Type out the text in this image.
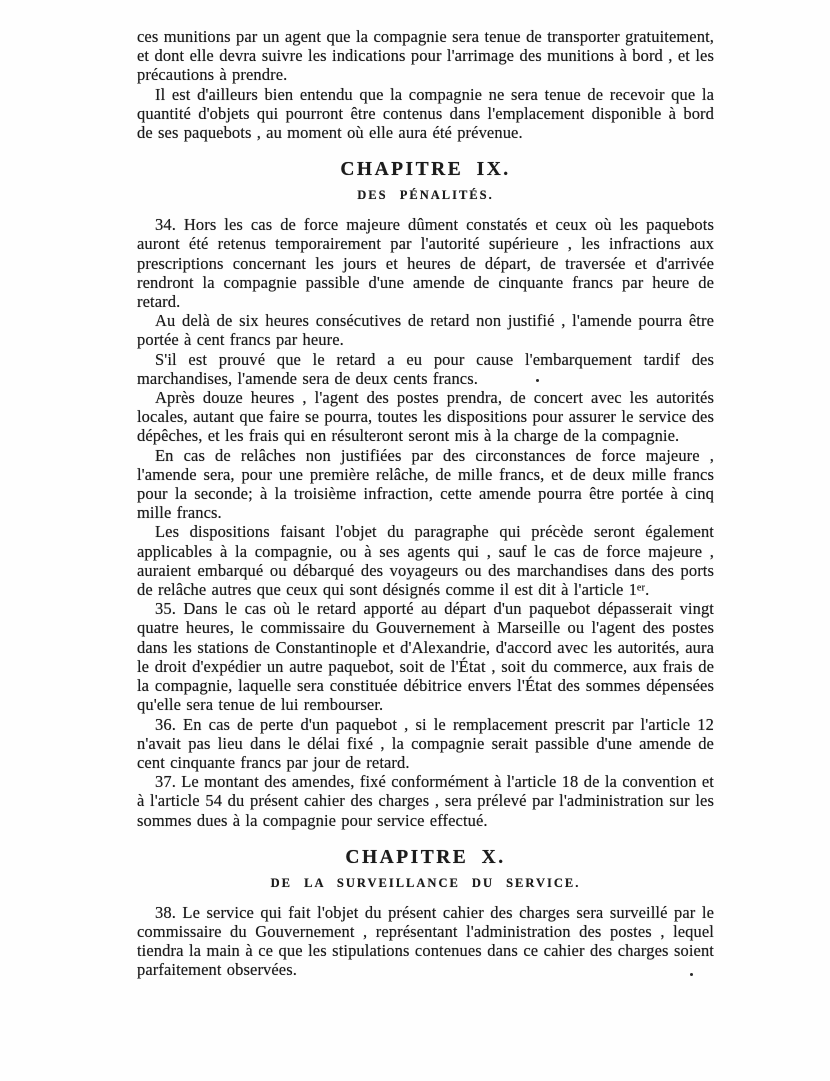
ces munitions par un agent que la compagnie sera tenue de transporter gratuitement, et dont elle devra suivre les indications pour l'arrimage des munitions à bord , et les précautions à prendre.

Il est d'ailleurs bien entendu que la compagnie ne sera tenue de recevoir que la quantité d'objets qui pourront être contenus dans l'emplacement disponible à bord de ses paquebots , au moment où elle aura été prévenue.

CHAPITRE IX.
DES PÉNALITÉS.

34. Hors les cas de force majeure dûment constatés et ceux où les paquebots auront été retenus temporairement par l'autorité supérieure , les infractions aux prescriptions concernant les jours et heures de départ, de traversée et d'arrivée rendront la compagnie passible d'une amende de cinquante francs par heure de retard.

Au delà de six heures consécutives de retard non justifié , l'amende pourra être portée à cent francs par heure.

S'il est prouvé que le retard a eu pour cause l'embarquement tardif des marchandises, l'amende sera de deux cents francs.

Après douze heures , l'agent des postes prendra, de concert avec les autorités locales, autant que faire se pourra, toutes les dispositions pour assurer le service des dépêches, et les frais qui en résulteront seront mis à la charge de la compagnie.

En cas de relâches non justifiées par des circonstances de force majeure , l'amende sera, pour une première relâche, de mille francs, et de deux mille francs pour la seconde; à la troisième infraction, cette amende pourra être portée à cinq mille francs.

Les dispositions faisant l'objet du paragraphe qui précède seront également applicables à la compagnie, ou à ses agents qui , sauf le cas de force majeure , auraient embarqué ou débarqué des voyageurs ou des marchandises dans des ports de relâche autres que ceux qui sont désignés comme il est dit à l'article 1ᵉʳ.

35. Dans le cas où le retard apporté au départ d'un paquebot dépasserait vingt quatre heures, le commissaire du Gouvernement à Marseille ou l'agent des postes dans les stations de Constantinople et d'Alexandrie, d'accord avec les autorités, aura le droit d'expédier un autre paquebot, soit de l'État , soit du commerce, aux frais de la compagnie, laquelle sera constituée débitrice envers l'État des sommes dépensées qu'elle sera tenue de lui rembourser.

36. En cas de perte d'un paquebot , si le remplacement prescrit par l'article 12 n'avait pas lieu dans le délai fixé , la compagnie serait passible d'une amende de cent cinquante francs par jour de retard.

37. Le montant des amendes, fixé conformément à l'article 18 de la convention et à l'article 54 du présent cahier des charges , sera prélevé par l'administration sur les sommes dues à la compagnie pour service effectué.

CHAPITRE X.
DE LA SURVEILLANCE DU SERVICE.

38. Le service qui fait l'objet du présent cahier des charges sera surveillé par le commissaire du Gouvernement , représentant l'administration des postes , lequel tiendra la main à ce que les stipulations contenues dans ce cahier des charges soient parfaitement observées.
